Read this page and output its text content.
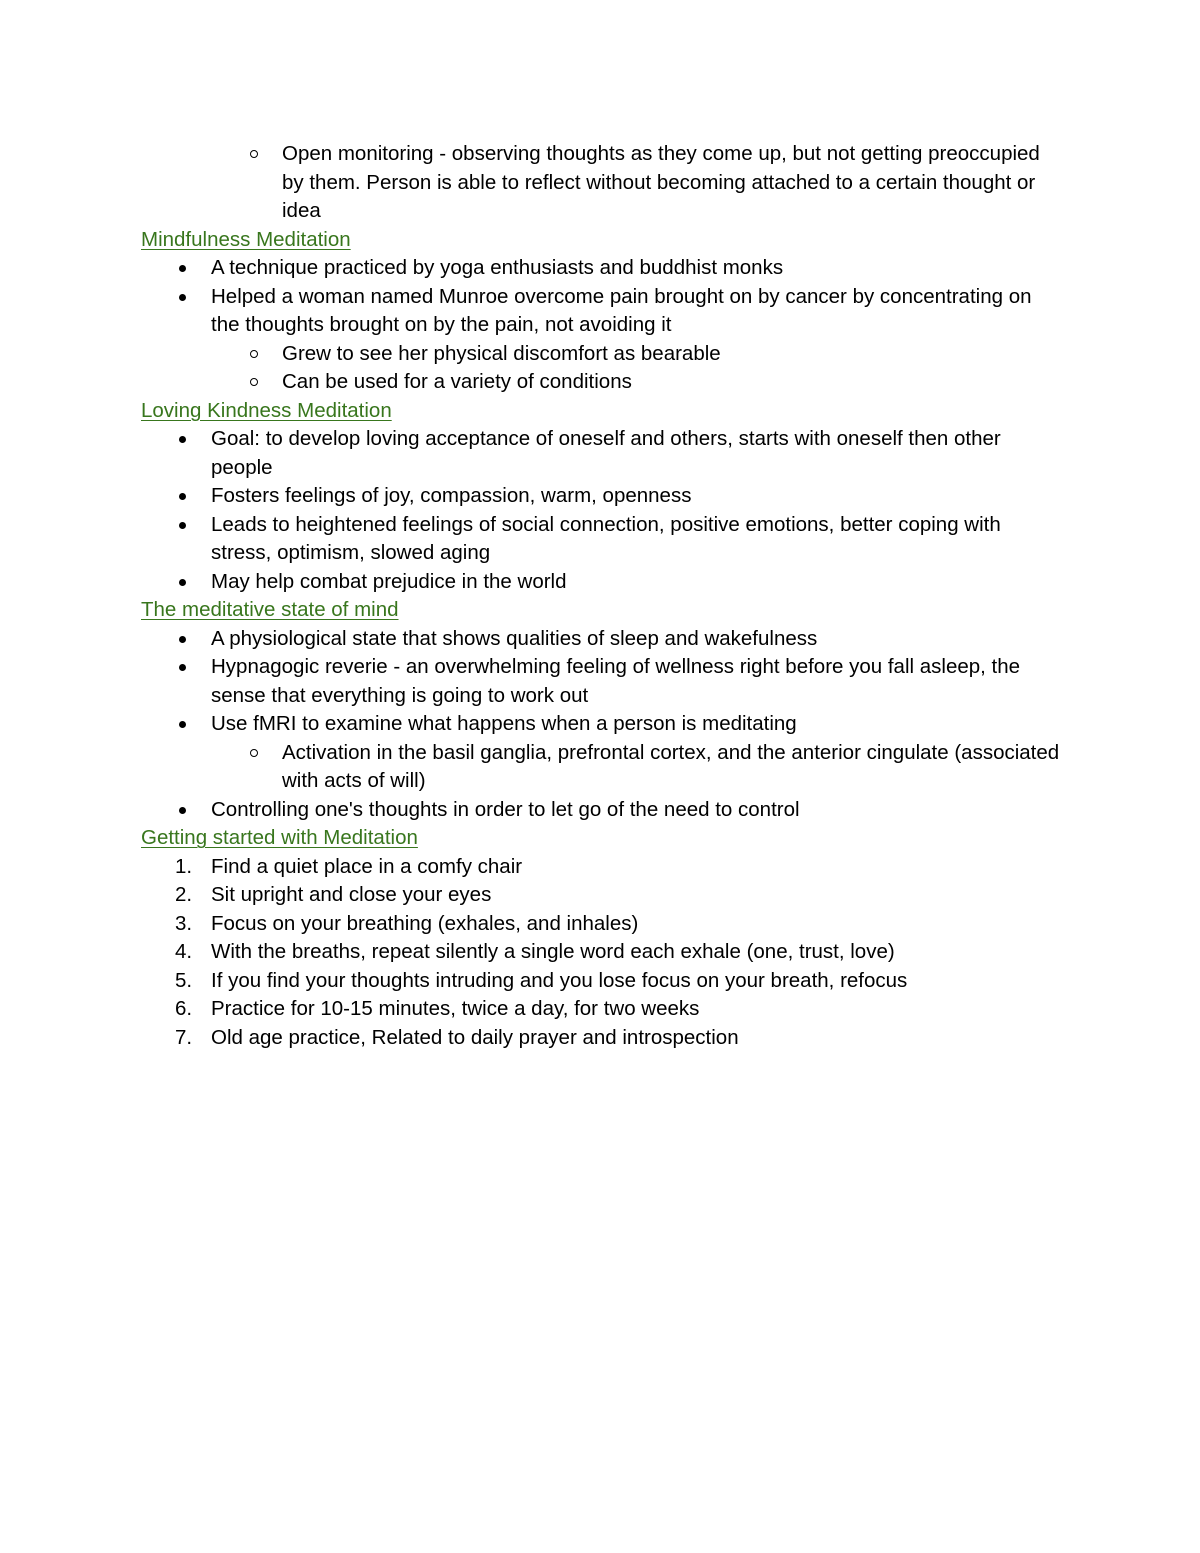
Open monitoring - observing thoughts as they come up, but not getting preoccupied by them. Person is able to reflect without becoming attached to a certain thought or idea
Mindfulness Meditation
A technique practiced by yoga enthusiasts and buddhist monks
Helped a woman named Munroe overcome pain brought on by cancer by concentrating on the thoughts brought on by the pain, not avoiding it
Grew to see her physical discomfort as bearable
Can be used for a variety of conditions
Loving Kindness Meditation
Goal: to develop loving acceptance of oneself and others, starts with oneself then other people
Fosters feelings of joy, compassion, warm, openness
Leads to heightened feelings of social connection, positive emotions, better coping with stress, optimism, slowed aging
May help combat prejudice in the world
The meditative state of mind
A physiological state that shows qualities of sleep and wakefulness
Hypnagogic reverie - an overwhelming feeling of wellness right before you fall asleep, the sense that everything is going to work out
Use fMRI to examine what happens when a person is meditating
Activation in the basil ganglia, prefrontal cortex, and the anterior cingulate (associated with acts of will)
Controlling one's thoughts in order to let go of the need to control
Getting started with Meditation
1. Find a quiet place in a comfy chair
2. Sit upright and close your eyes
3. Focus on your breathing (exhales, and inhales)
4. With the breaths, repeat silently a single word each exhale (one, trust, love)
5. If you find your thoughts intruding and you lose focus on your breath, refocus
6. Practice for 10-15 minutes, twice a day, for two weeks
7. Old age practice, Related to daily prayer and introspection
